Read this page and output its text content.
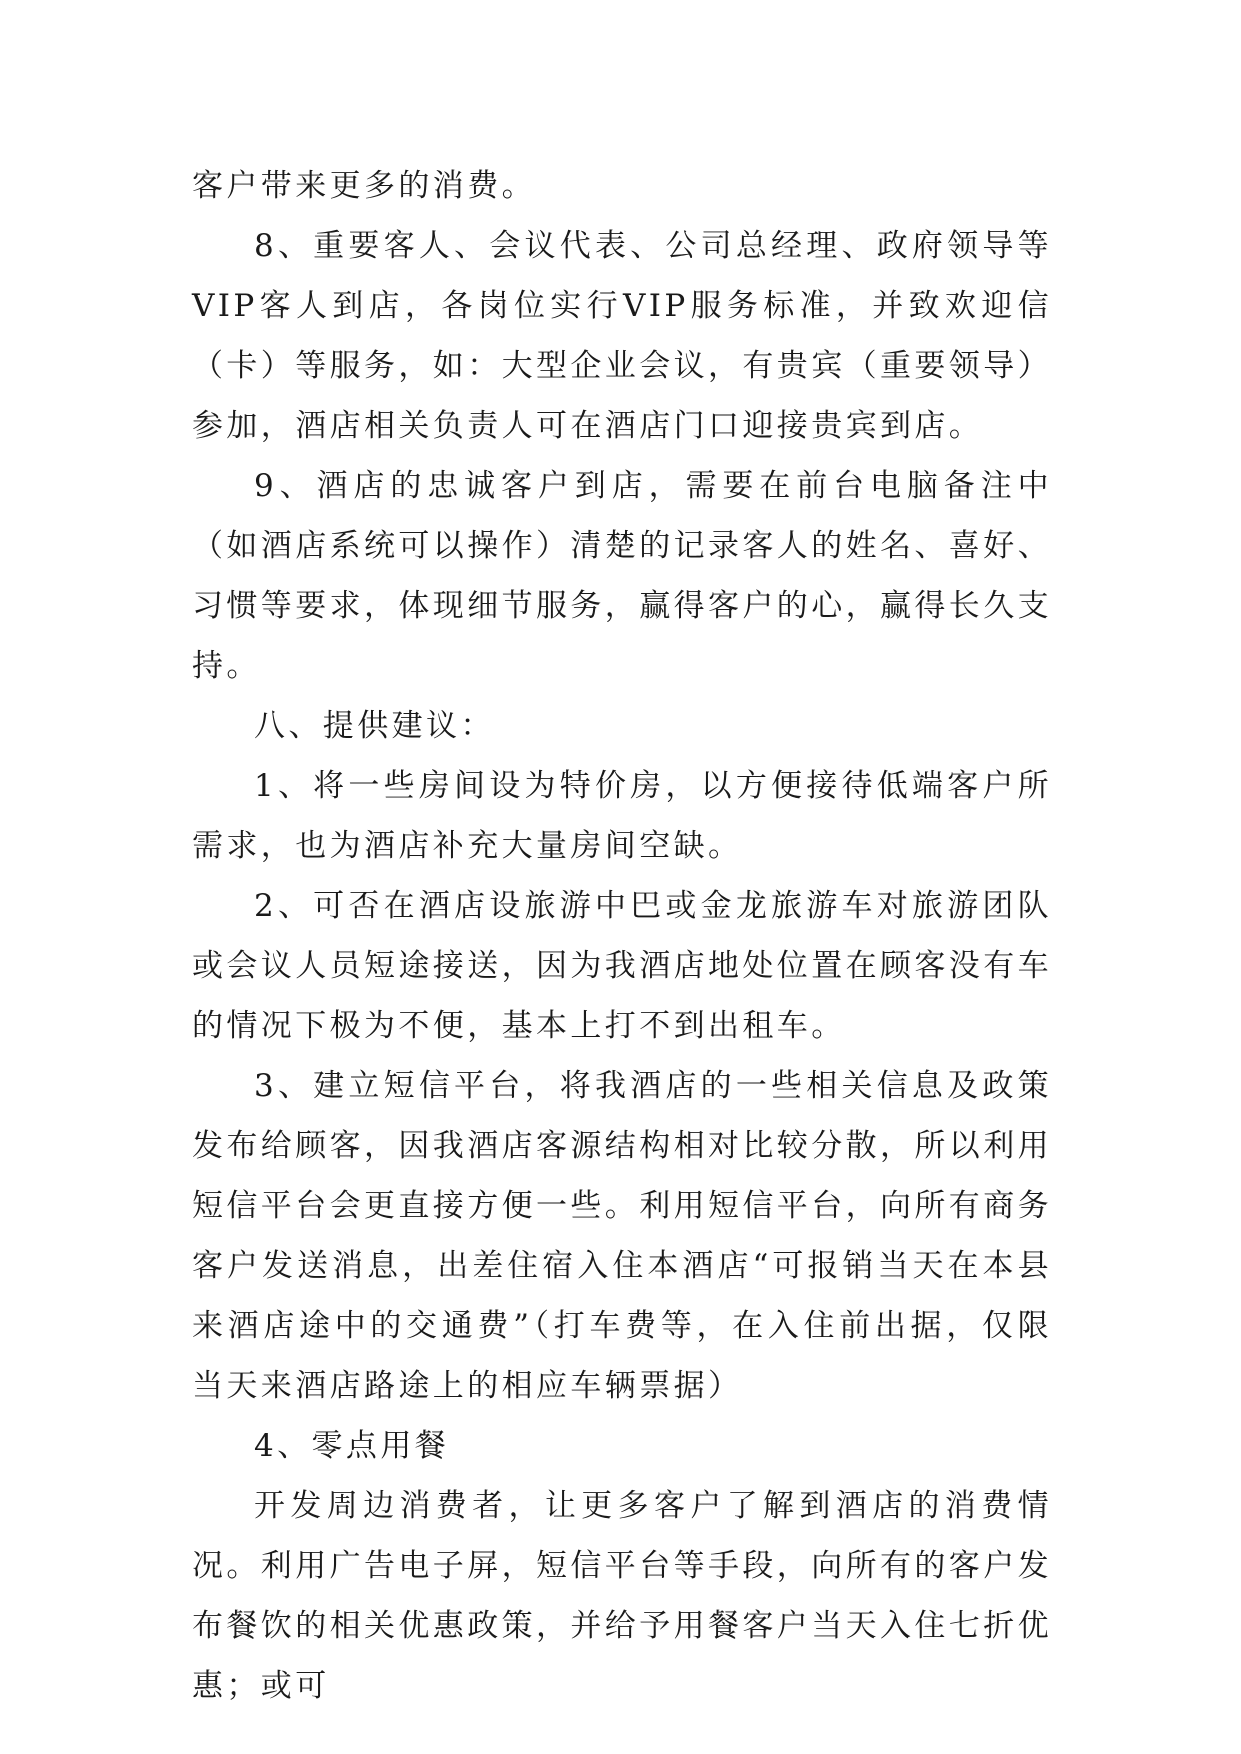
客户带来更多的消费。

8、重要客人、会议代表、公司总经理、政府领导等VIP客人到店，各岗位实行VIP服务标准，并致欢迎信（卡）等服务，如：大型企业会议，有贵宾（重要领导）参加，酒店相关负责人可在酒店门口迎接贵宾到店。

9、酒店的忠诚客户到店，需要在前台电脑备注中（如酒店系统可以操作）清楚的记录客人的姓名、喜好、习惯等要求，体现细节服务，赢得客户的心，赢得长久支持。

八、提供建议：

1、将一些房间设为特价房，以方便接待低端客户所需求，也为酒店补充大量房间空缺。

2、可否在酒店设旅游中巴或金龙旅游车对旅游团队或会议人员短途接送，因为我酒店地处位置在顾客没有车的情况下极为不便，基本上打不到出租车。

3、建立短信平台，将我酒店的一些相关信息及政策发布给顾客，因我酒店客源结构相对比较分散，所以利用短信平台会更直接方便一些。利用短信平台，向所有商务客户发送消息，出差住宿入住本酒店“可报销当天在本县来酒店途中的交通费”（打车费等，在入住前出据，仅限当天来酒店路途上的相应车辆票据）

4、零点用餐

开发周边消费者，让更多客户了解到酒店的消费情况。利用广告电子屏，短信平台等手段，向所有的客户发布餐饮的相关优惠政策，并给予用餐客户当天入住七折优惠；或可
